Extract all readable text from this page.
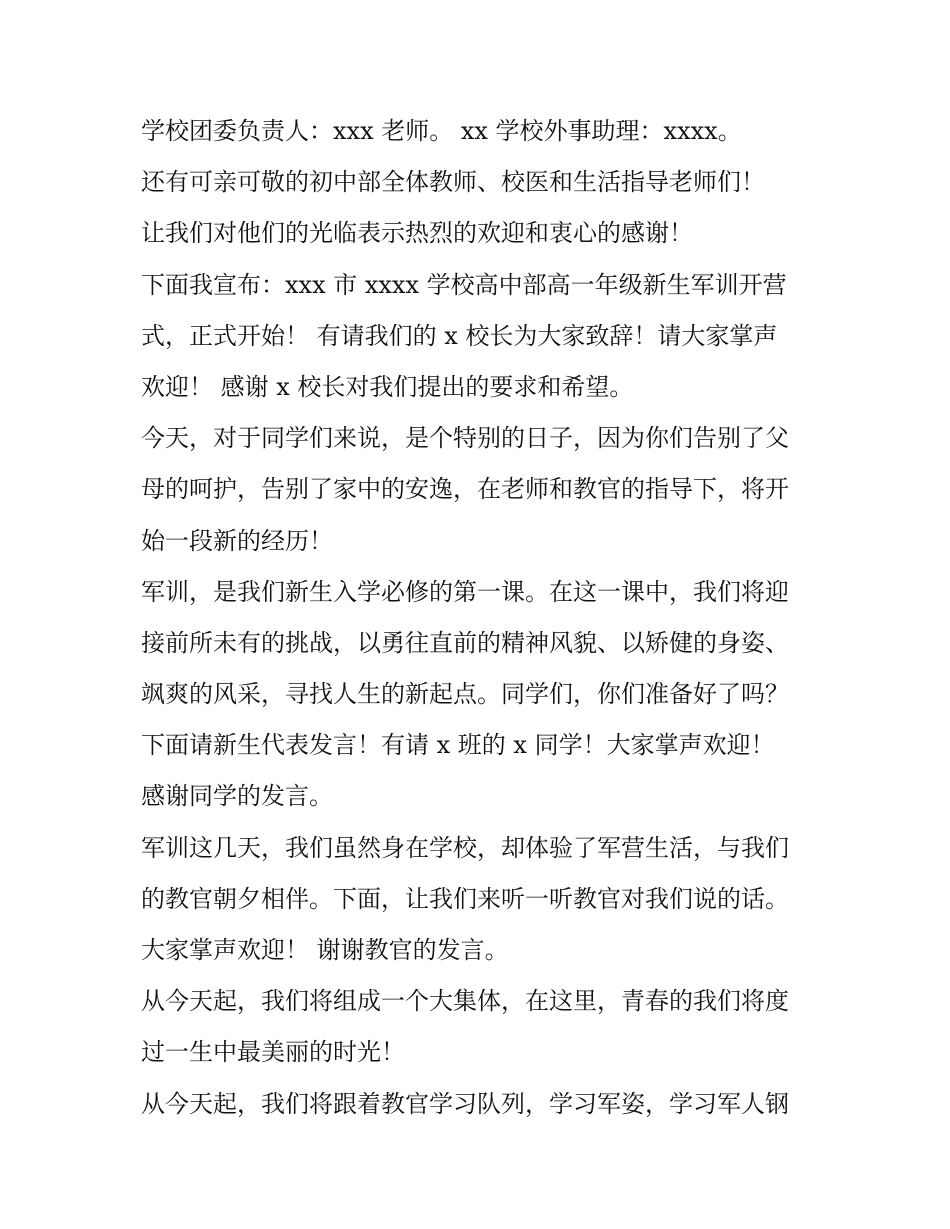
学校团委负责人：xxx 老师。 xx 学校外事助理：xxxx。
还有可亲可敬的初中部全体教师、校医和生活指导老师们！
让我们对他们的光临表示热烈的欢迎和衷心的感谢！
下面我宣布：xxx 市 xxxx 学校高中部高一年级新生军训开营
式，正式开始！ 有请我们的 x 校长为大家致辞！请大家掌声
欢迎！ 感谢 x 校长对我们提出的要求和希望。
今天，对于同学们来说，是个特别的日子，因为你们告别了父
母的呵护，告别了家中的安逸，在老师和教官的指导下，将开
始一段新的经历！
军训，是我们新生入学必修的第一课。在这一课中，我们将迎
接前所未有的挑战，以勇往直前的精神风貌、以矫健的身姿、
飒爽的风采，寻找人生的新起点。同学们，你们准备好了吗？
下面请新生代表发言！有请 x 班的 x 同学！大家掌声欢迎！
感谢同学的发言。
军训这几天，我们虽然身在学校，却体验了军营生活，与我们
的教官朝夕相伴。下面，让我们来听一听教官对我们说的话。
大家掌声欢迎！ 谢谢教官的发言。
从今天起，我们将组成一个大集体，在这里，青春的我们将度
过一生中最美丽的时光！
从今天起，我们将跟着教官学习队列，学习军姿，学习军人钢
